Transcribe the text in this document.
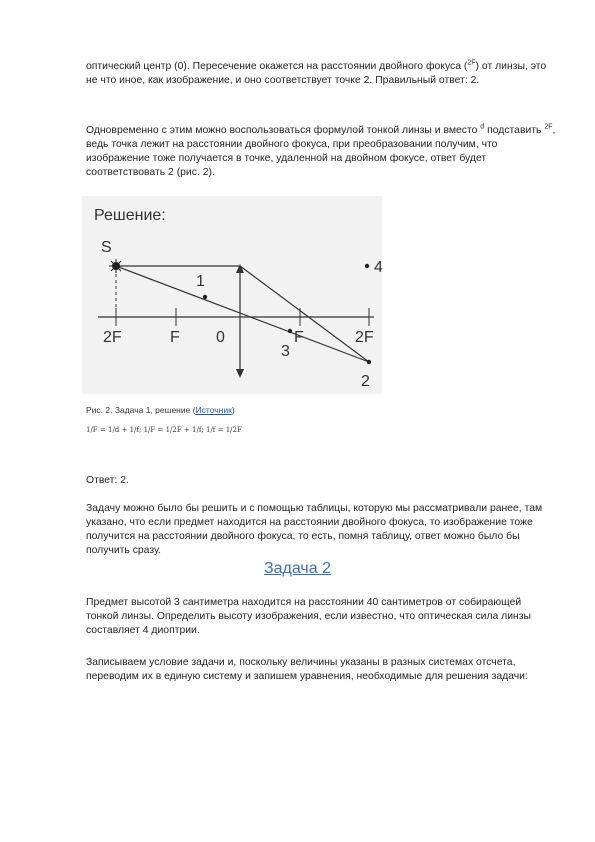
оптический центр (0). Пересечение окажется на расстоянии двойного фокуса ($^{2F}$) от линзы, это не что иное, как изображение, и оно соответствует точке 2. Правильный ответ: 2.
Одновременно с этим можно воспользоваться формулой тонкой линзы и вместо $^d$ подставить $^{2F}$, ведь точка лежит на расстоянии двойного фокуса, при преобразовании получим, что изображение тоже получается в точке, удаленной на двойном фокусе, ответ будет соответствовать 2 (рис. 2).
Решение:
S
1
2
3
4
2F	F 0	F	2F
Рис. 2. Задача 1, решение (Источник)
1/F = 1/d + 1/f; 1/F = 1/2F + 1/f; 1/f = 1/2F
Ответ: 2.
Задачу можно было бы решить и с помощью таблицы, которую мы рассматривали ранее, там указано, что если предмет находится на расстоянии двойного фокуса, то изображение тоже получится на расстоянии двойного фокуса, то есть, помня таблицу, ответ можно было бы получить сразу.
Задача 2
Предмет высотой 3 сантиметра находится на расстоянии 40 сантиметров от собирающей тонкой линзы. Определить высоту изображения, если известно, что оптическая сила линзы составляет 4 диоптрии.
Записываем условие задачи и, поскольку величины указаны в разных системах отсчета, переводим их в единую систему и запишем уравнения, необходимые для решения задачи:
